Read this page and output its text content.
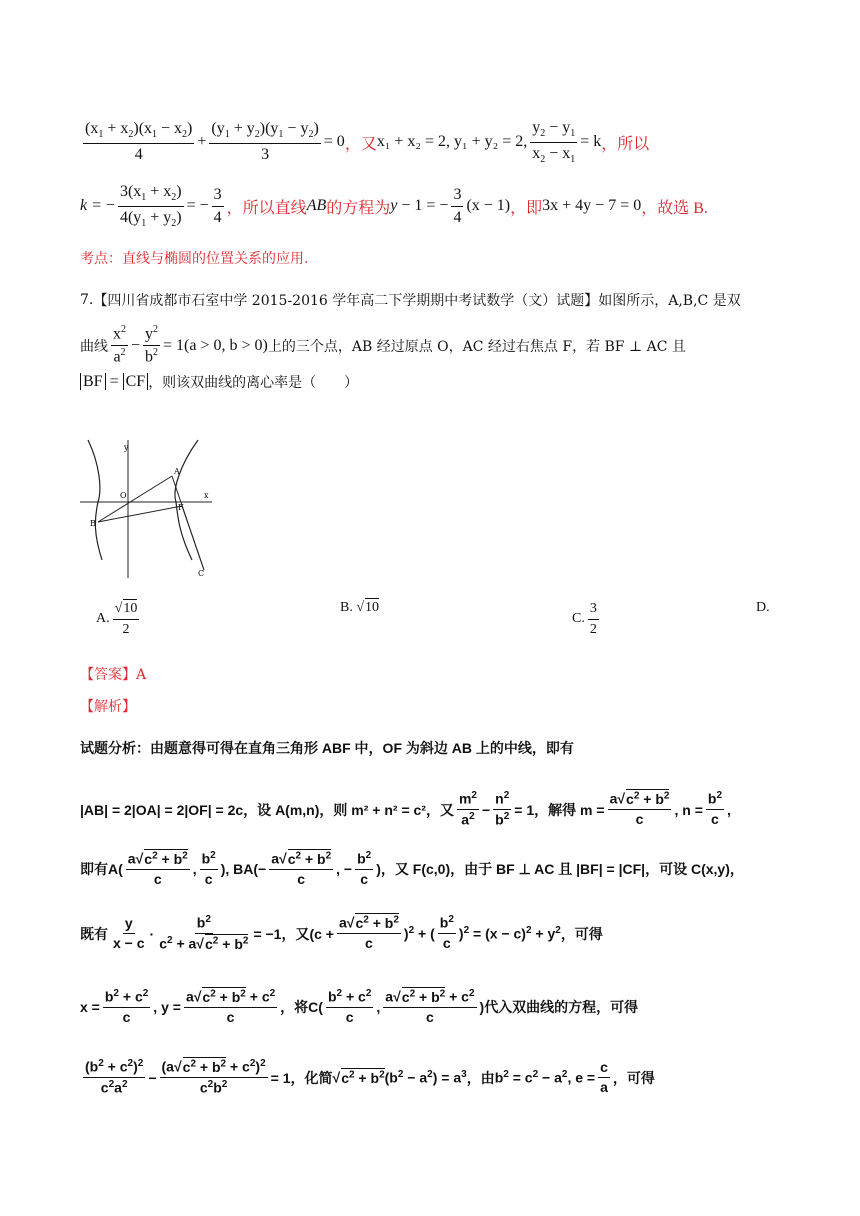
$\frac{(x_1 + x_2)(x_1 - x_2)}{4} + \frac{(y_1 + y_2)(y_1 - y_2)}{3} = 0$ ，又 x₁ + x₂ = 2, y₁ + y₂ = 2, $\frac{y_2 - y_1}{x_2 - x_1} = k$ ，所以
k = − $\frac{3(x_1 + x_2)}{4(y_1 + y_2)}$ = − $\frac{3}{4}$ ，所以直线 AB 的方程为 y − 1 = − $\frac{3}{4} (x - 1)$ ，即 3x + 4y − 7 = 0 ，故选 B.
考点：直线与椭圆的位置关系的应用.
7. 【四川省成都市石室中学 2015-2016 学年高二下学期期中考试数学（文）试题】 如图所示，A,B,C 是双
曲线 $\frac{x^2}{a^2} - \frac{y^2}{b^2} = 1(a > 0$, b > 0) 上的三个点， AB 经过原点 O，AC 经过右焦点 F，若 BF ⊥ AC 且
BF = CF ，则该双曲线的离心率是（　　）
y
x
O
A
B
F
C
A. $\frac{√10}{2}$	B. √10
C. $\frac{3}{2}$	D.
【答案】A
【解析】
试题分析：由题意得可得在直角三角形 ABF 中，OF 为斜边 AB 上的中线，即有
|AB| = 2|OA| = 2|OF| = 2c，设 A(m,n)，则 m² + n² = c²，又 $\frac{m^2}{a^2} - \frac{n^2}{b^2} = 1$，解得 $m = \frac{a√c^2 + b^2}{c}$ , $n = \frac{b^2}{c}$ ,
即有 $A( \frac{a√c^2 + b^2}{c}$ , $\frac{b^2}{c}$ ), $BA(- \frac{a√c^2 + b^2}{c}$ , − $\frac{b^2}{c}$ ) ，又 F(c,0)，由于 BF ⊥ AC 且 |BF| = |CF|，可设 C(x,y)，
既有 $\frac{y}{x - c} \cdot \frac{b^2}{c^2 + a√c^2 + b^2} = -1$，又 $(c + \frac{a√c^2 + b^2}{c} )^2$ + ( $\frac{b^2}{c} )^2 = (x - c)^2 + y^2$ ，可得
$x = \frac{b^2 + c^2}{c}$ , $y = \frac{a√c^2 + b^2 + c^2}{c}$ ，将 $C( \frac{b^2 + c^2}{c}$ , $\frac{a√c^2 + b^2 + c^2}{c}$ ) 代入双曲线的方程，可得
$\frac{(b^2 + c^2)^2}{c^2a^2} - \frac{(a√c^2 + b^2 + c^2)^2}{c^2b^2} = 1$，化简 $√c^2 + b^2(b^2 - a^2) = a^3$ ，由 $b^2 = c^2 - a^2$, $e = \frac{c}{a}$ ，可得
